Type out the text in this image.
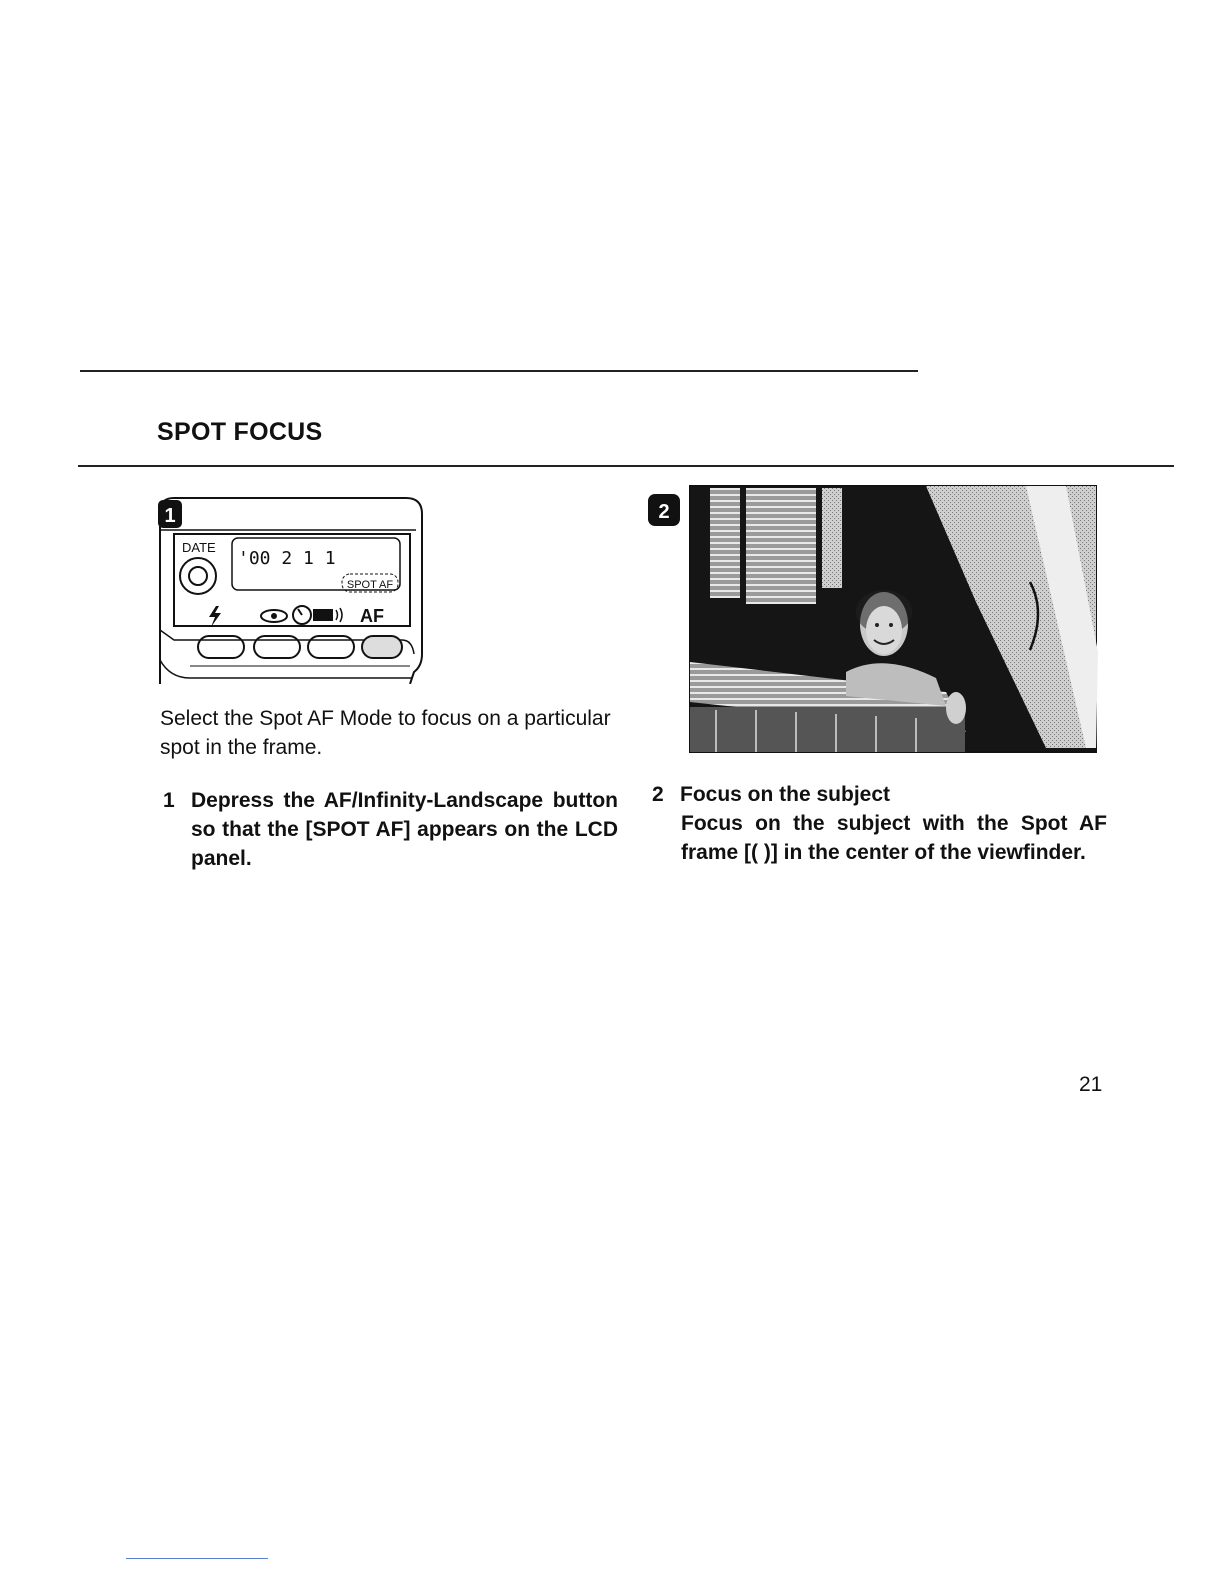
SPOT FOCUS
1
DATE
'00 2 1 1
SPOT AF
AF
2

Select the Spot AF Mode to focus on a particular spot in the frame.

1 Depress the AF/Infinity-Landscape button so that the [SPOT AF] appears on the LCD panel.
2 Focus on the subject
Focus on the subject with the Spot AF frame [( )] in the center of the viewfinder.

21
